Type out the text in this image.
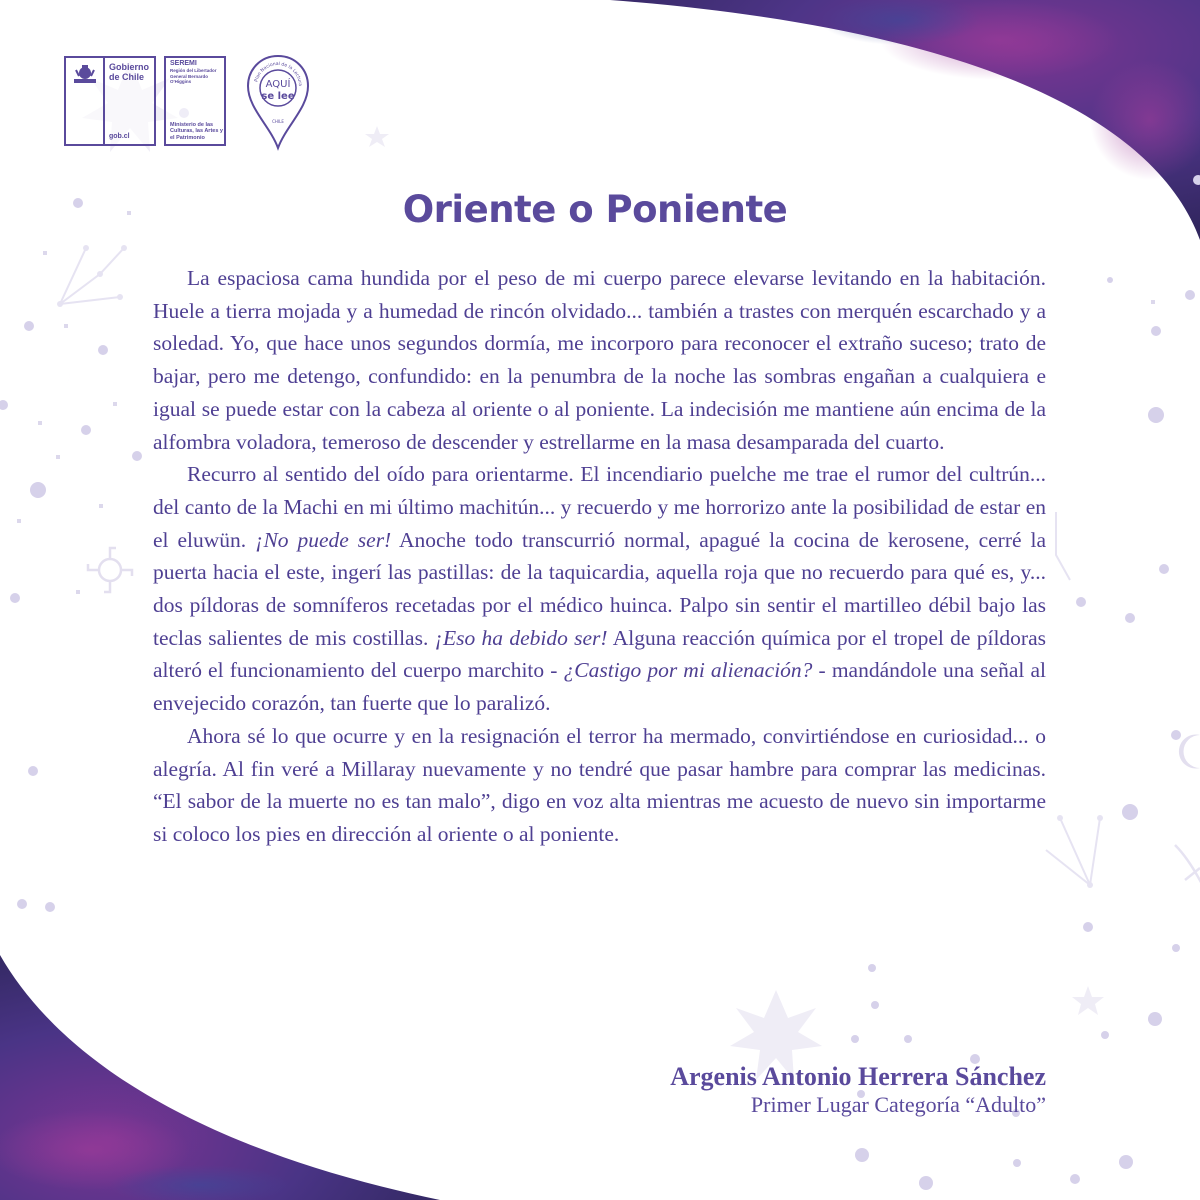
Gobierno
de Chile
gob.cl
SEREMI
Región del Libertador General Bernardo O'Higgins
Ministerio de las Culturas, las Artes y el Patrimonio
AQUÍ
se lee
CHILE
Plan Nacional de la Lectura
Oriente o Poniente

La espaciosa cama hundida por el peso de mi cuerpo parece elevarse levitando en la habitación. Huele a tierra mojada y a humedad de rincón olvidado... también a trastes con merquén escarchado y a soledad. Yo, que hace unos segundos dormía, me incorporo para reconocer el extraño suceso; trato de bajar, pero me detengo, confundido: en la penumbra de la noche las sombras engañan a cualquiera e igual se puede estar con la cabeza al oriente o al poniente. La indecisión me mantiene aún encima de la alfombra voladora, temeroso de descender y estrellarme en la masa desamparada del cuarto.

Recurro al sentido del oído para orientarme. El incendiario puelche me trae el rumor del cultrún... del canto de la Machi en mi último machitún... y recuerdo y me horrorizo ante la posibilidad de estar en el eluwün. ¡No puede ser! Anoche todo transcurrió normal, apagué la cocina de kerosene, cerré la puerta hacia el este, ingerí las pastillas: de la taquicardia, aquella roja que no recuerdo para qué es, y... dos píldoras de somníferos recetadas por el médico huinca. Palpo sin sentir el martilleo débil bajo las teclas salientes de mis costillas. ¡Eso ha debido ser! Alguna reacción química por el tropel de píldoras alteró el funcionamiento del cuerpo marchito - ¿Castigo por mi alienación? - mandándole una señal al envejecido corazón, tan fuerte que lo paralizó.

Ahora sé lo que ocurre y en la resignación el terror ha mermado, convirtiéndose en curiosidad... o alegría. Al fin veré a Millaray nuevamente y no tendré que pasar hambre para comprar las medicinas. “El sabor de la muerte no es tan malo”, digo en voz alta mientras me acuesto de nuevo sin importarme si coloco los pies en dirección al oriente o al poniente.

Argenis Antonio Herrera Sánchez
Primer Lugar Categoría “Adulto”
